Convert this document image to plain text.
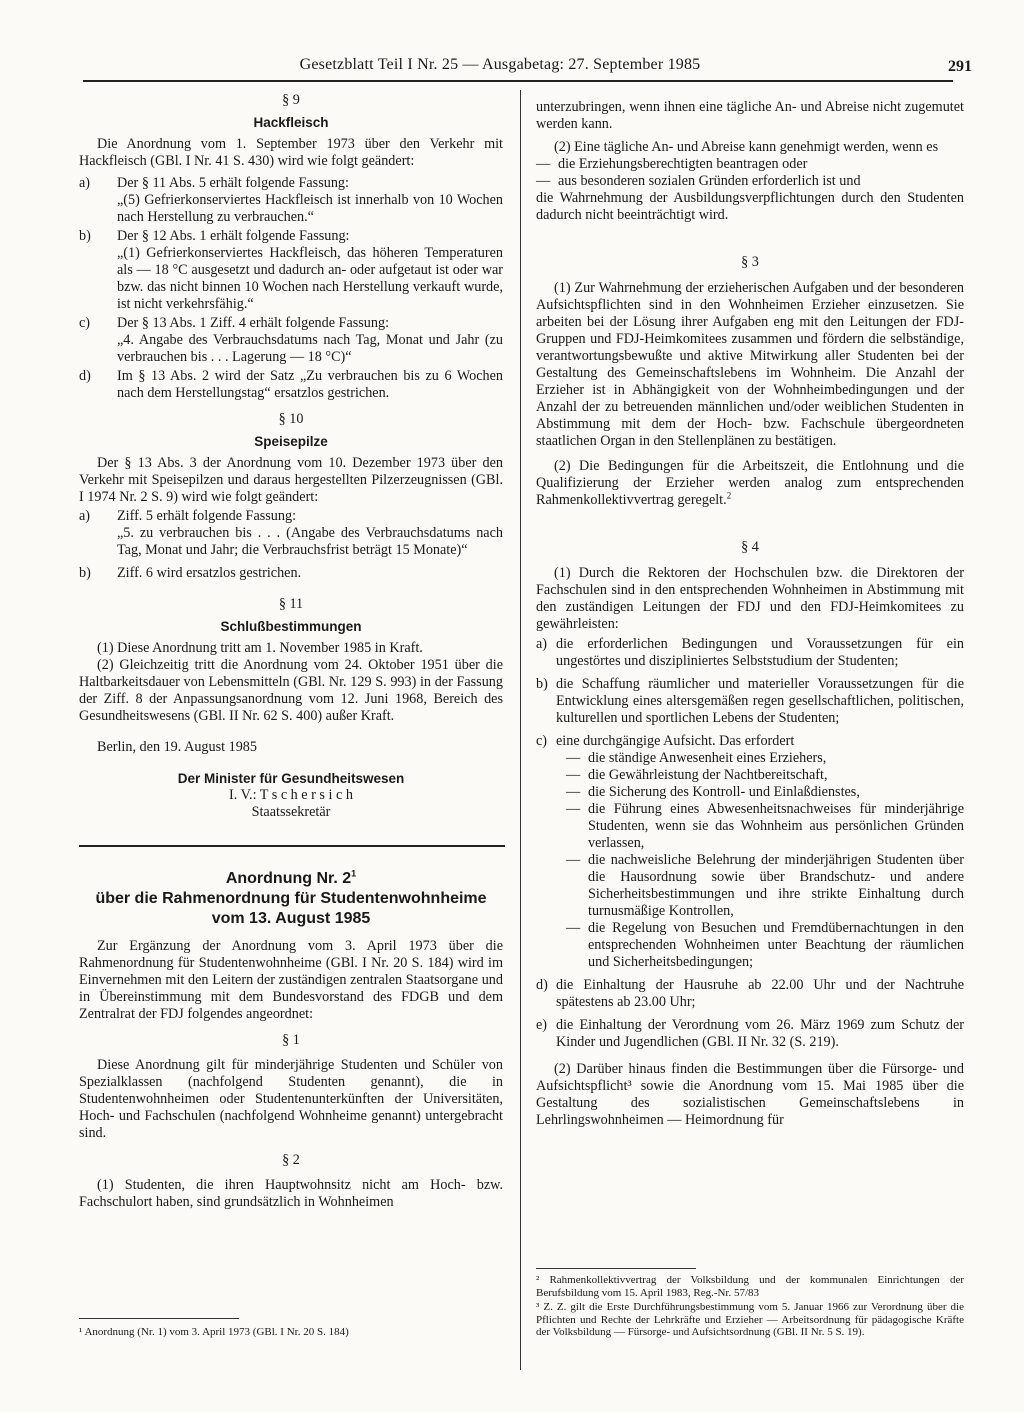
Gesetzblatt Teil I Nr. 25 — Ausgabetag: 27. September 1985	291

§ 9

Hackfleisch

Die Anordnung vom 1. September 1973 über den Verkehr mit Hackfleisch (GBl. I Nr. 41 S. 430) wird wie folgt geändert:

a)	Der § 11 Abs. 5 erhält folgende Fassung:

„(5) Gefrierkonserviertes Hackfleisch ist innerhalb von 10 Wochen nach Herstellung zu verbrauchen.“

b)	Der § 12 Abs. 1 erhält folgende Fassung:

„(1) Gefrierkonserviertes Hackfleisch, das höheren Temperaturen als — 18 °C ausgesetzt und dadurch an- oder aufgetaut ist oder war bzw. das nicht binnen 10 Wochen nach Herstellung verkauft wurde, ist nicht verkehrsfähig.“

c)	Der § 13 Abs. 1 Ziff. 4 erhält folgende Fassung:

„4. Angabe des Verbrauchsdatums nach Tag, Monat und Jahr (zu verbrauchen bis . . . Lagerung — 18 °C)“

d)	Im § 13 Abs. 2 wird der Satz „Zu verbrauchen bis zu 6 Wochen nach dem Herstellungstag“ ersatzlos gestrichen.

§ 10

Speisepilze

Der § 13 Abs. 3 der Anordnung vom 10. Dezember 1973 über den Verkehr mit Speisepilzen und daraus hergestellten Pilzerzeugnissen (GBl. I 1974 Nr. 2 S. 9) wird wie folgt geändert:

a)	Ziff. 5 erhält folgende Fassung:

„5. zu verbrauchen bis . . . (Angabe des Verbrauchsdatums nach Tag, Monat und Jahr; die Verbrauchsfrist beträgt 15 Monate)“

b)	Ziff. 6 wird ersatzlos gestrichen.

§ 11

Schlußbestimmungen

(1) Diese Anordnung tritt am 1. November 1985 in Kraft.

(2) Gleichzeitig tritt die Anordnung vom 24. Oktober 1951 über die Haltbarkeitsdauer von Lebensmitteln (GBl. Nr. 129 S. 993) in der Fassung der Ziff. 8 der Anpassungsanordnung vom 12. Juni 1968, Bereich des Gesundheitswesens (GBl. II Nr. 62 S. 400) außer Kraft.

Berlin, den 19. August 1985

Der Minister für Gesundheitswesen

I. V.: T s c h e r s i c h

Staatssekretär

Anordnung Nr. $2^1$

über die Rahmenordnung für Studentenwohnheime

vom 13. August 1985

Zur Ergänzung der Anordnung vom 3. April 1973 über die Rahmenordnung für Studentenwohnheime (GBl. I Nr. 20 S. 184) wird im Einvernehmen mit den Leitern der zuständigen zentralen Staatsorgane und in Übereinstimmung mit dem Bundesvorstand des FDGB und dem Zentralrat der FDJ folgendes angeordnet:

§ 1

Diese Anordnung gilt für minderjährige Studenten und Schüler von Spezialklassen (nachfolgend Studenten genannt), die in Studentenwohnheimen oder Studentenunterkünften der Universitäten, Hoch- und Fachschulen (nachfolgend Wohnheime genannt) untergebracht sind.

§ 2

(1) Studenten, die ihren Hauptwohnsitz nicht am Hoch- bzw. Fachschulort haben, sind grundsätzlich in Wohnheimen

¹ Anordnung (Nr. 1) vom 3. April 1973 (GBl. I Nr. 20 S. 184)

unterzubringen, wenn ihnen eine tägliche An- und Abreise nicht zugemutet werden kann.

(2) Eine tägliche An- und Abreise kann genehmigt werden, wenn es

— die Erziehungsberechtigten beantragen oder
— aus besonderen sozialen Gründen erforderlich ist und

die Wahrnehmung der Ausbildungsverpflichtungen durch den Studenten dadurch nicht beeinträchtigt wird.

§ 3

(1) Zur Wahrnehmung der erzieherischen Aufgaben und der besonderen Aufsichtspflichten sind in den Wohnheimen Erzieher einzusetzen. Sie arbeiten bei der Lösung ihrer Aufgaben eng mit den Leitungen der FDJ-Gruppen und FDJ-Heimkomitees zusammen und fördern die selbständige, verantwortungsbewußte und aktive Mitwirkung aller Studenten bei der Gestaltung des Gemeinschaftslebens im Wohnheim. Die Anzahl der Erzieher ist in Abhängigkeit von der Wohnheimbedingungen und der Anzahl der zu betreuenden männlichen und/oder weiblichen Studenten in Abstimmung mit dem der Hoch- bzw. Fachschule übergeordneten staatlichen Organ in den Stellenplänen zu bestätigen.

(2) Die Bedingungen für die Arbeitszeit, die Entlohnung und die Qualifizierung der Erzieher werden analog zum entsprechenden Rahmenkollektivvertrag geregelt.$^2$

§ 4

(1) Durch die Rektoren der Hochschulen bzw. die Direktoren der Fachschulen sind in den entsprechenden Wohnheimen in Abstimmung mit den zuständigen Leitungen der FDJ und den FDJ-Heimkomitees zu gewährleisten:

a) die erforderlichen Bedingungen und Voraussetzungen für ein ungestörtes und diszipliniertes Selbststudium der Studenten;
b) die Schaffung räumlicher und materieller Voraussetzungen für die Entwicklung eines altersgemäßen regen gesellschaftlichen, politischen, kulturellen und sportlichen Lebens der Studenten;
c) eine durchgängige Aufsicht. Das erfordert
— die ständige Anwesenheit eines Erziehers,
— die Gewährleistung der Nachtbereitschaft,
— die Sicherung des Kontroll- und Einlaßdienstes,
— die Führung eines Abwesenheitsnachweises für minderjährige Studenten, wenn sie das Wohnheim aus persönlichen Gründen verlassen,
— die nachweisliche Belehrung der minderjährigen Studenten über die Hausordnung sowie über Brandschutz- und andere Sicherheitsbestimmungen und ihre strikte Einhaltung durch turnusmäßige Kontrollen,
— die Regelung von Besuchen und Fremdübernachtungen in den entsprechenden Wohnheimen unter Beachtung der räumlichen und Sicherheitsbedingungen;
d) die Einhaltung der Hausruhe ab 22.00 Uhr und der Nachtruhe spätestens ab 23.00 Uhr;
e) die Einhaltung der Verordnung vom 26. März 1969 zum Schutz der Kinder und Jugendlichen (GBl. II Nr. 32 (S. 219).

(2) Darüber hinaus finden die Bestimmungen über die Fürsorge- und Aufsichtspflicht³ sowie die Anordnung vom 15. Mai 1985 über die Gestaltung des sozialistischen Gemeinschaftslebens in Lehrlingswohnheimen — Heimordnung für

² Rahmenkollektivvertrag der Volksbildung und der kommunalen Einrichtungen der Berufsbildung vom 15. April 1983, Reg.-Nr. 57/83
³ Z. Z. gilt die Erste Durchführungsbestimmung vom 5. Januar 1966 zur Verordnung über die Pflichten und Rechte der Lehrkräfte und Erzieher — Arbeitsordnung für pädagogische Kräfte der Volksbildung — Fürsorge- und Aufsichtsordnung (GBl. II Nr. 5 S. 19).
